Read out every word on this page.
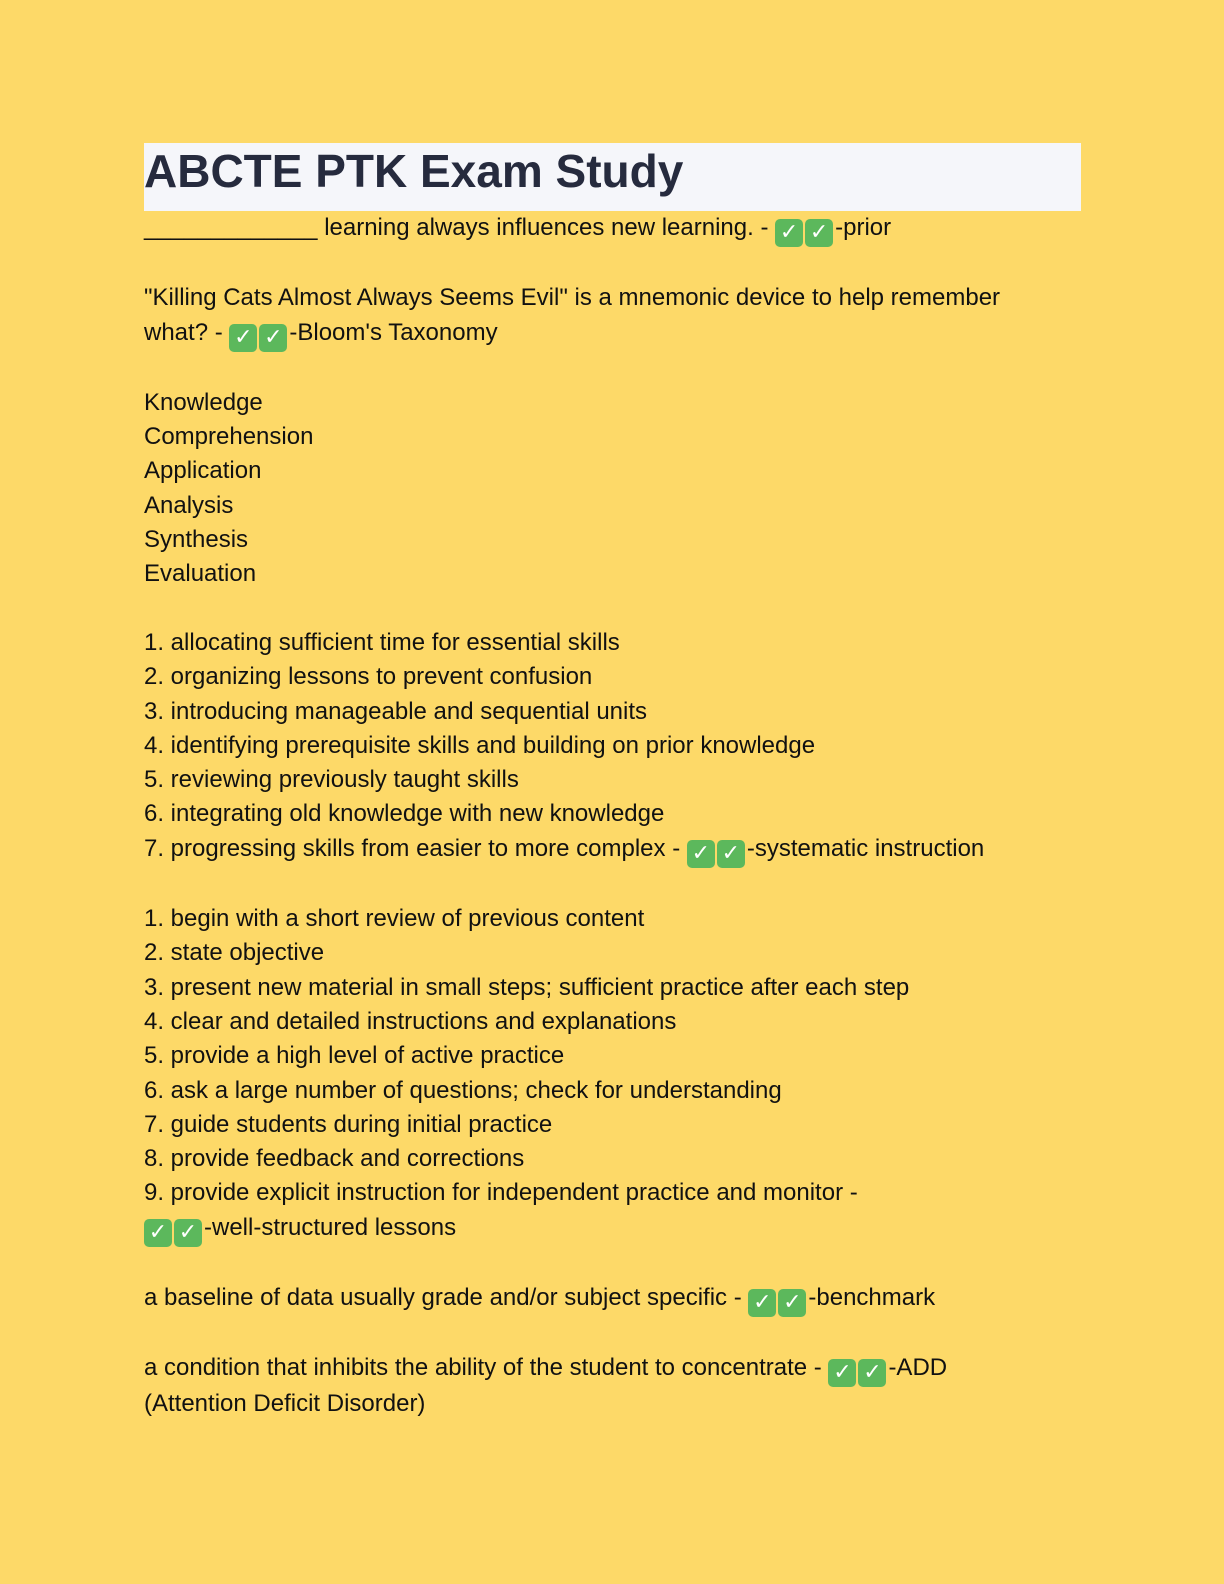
ABCTE PTK Exam Study
_____________ learning always influences new learning. - ✓ ✓ -prior
"Killing Cats Almost Always Seems Evil" is a mnemonic device to help remember
what? - ✓ ✓ -Bloom's Taxonomy
Knowledge
Comprehension
Application
Analysis
Synthesis
Evaluation
1. allocating sufficient time for essential skills
2. organizing lessons to prevent confusion
3. introducing manageable and sequential units
4. identifying prerequisite skills and building on prior knowledge
5. reviewing previously taught skills
6. integrating old knowledge with new knowledge
7. progressing skills from easier to more complex - ✓ ✓ -systematic instruction
1. begin with a short review of previous content
2. state objective
3. present new material in small steps; sufficient practice after each step
4. clear and detailed instructions and explanations
5. provide a high level of active practice
6. ask a large number of questions; check for understanding
7. guide students during initial practice
8. provide feedback and corrections
9. provide explicit instruction for independent practice and monitor -
✓ ✓ -well-structured lessons
a baseline of data usually grade and/or subject specific - ✓ ✓ -benchmark
a condition that inhibits the ability of the student to concentrate - ✓ ✓ -ADD
(Attention Deficit Disorder)
